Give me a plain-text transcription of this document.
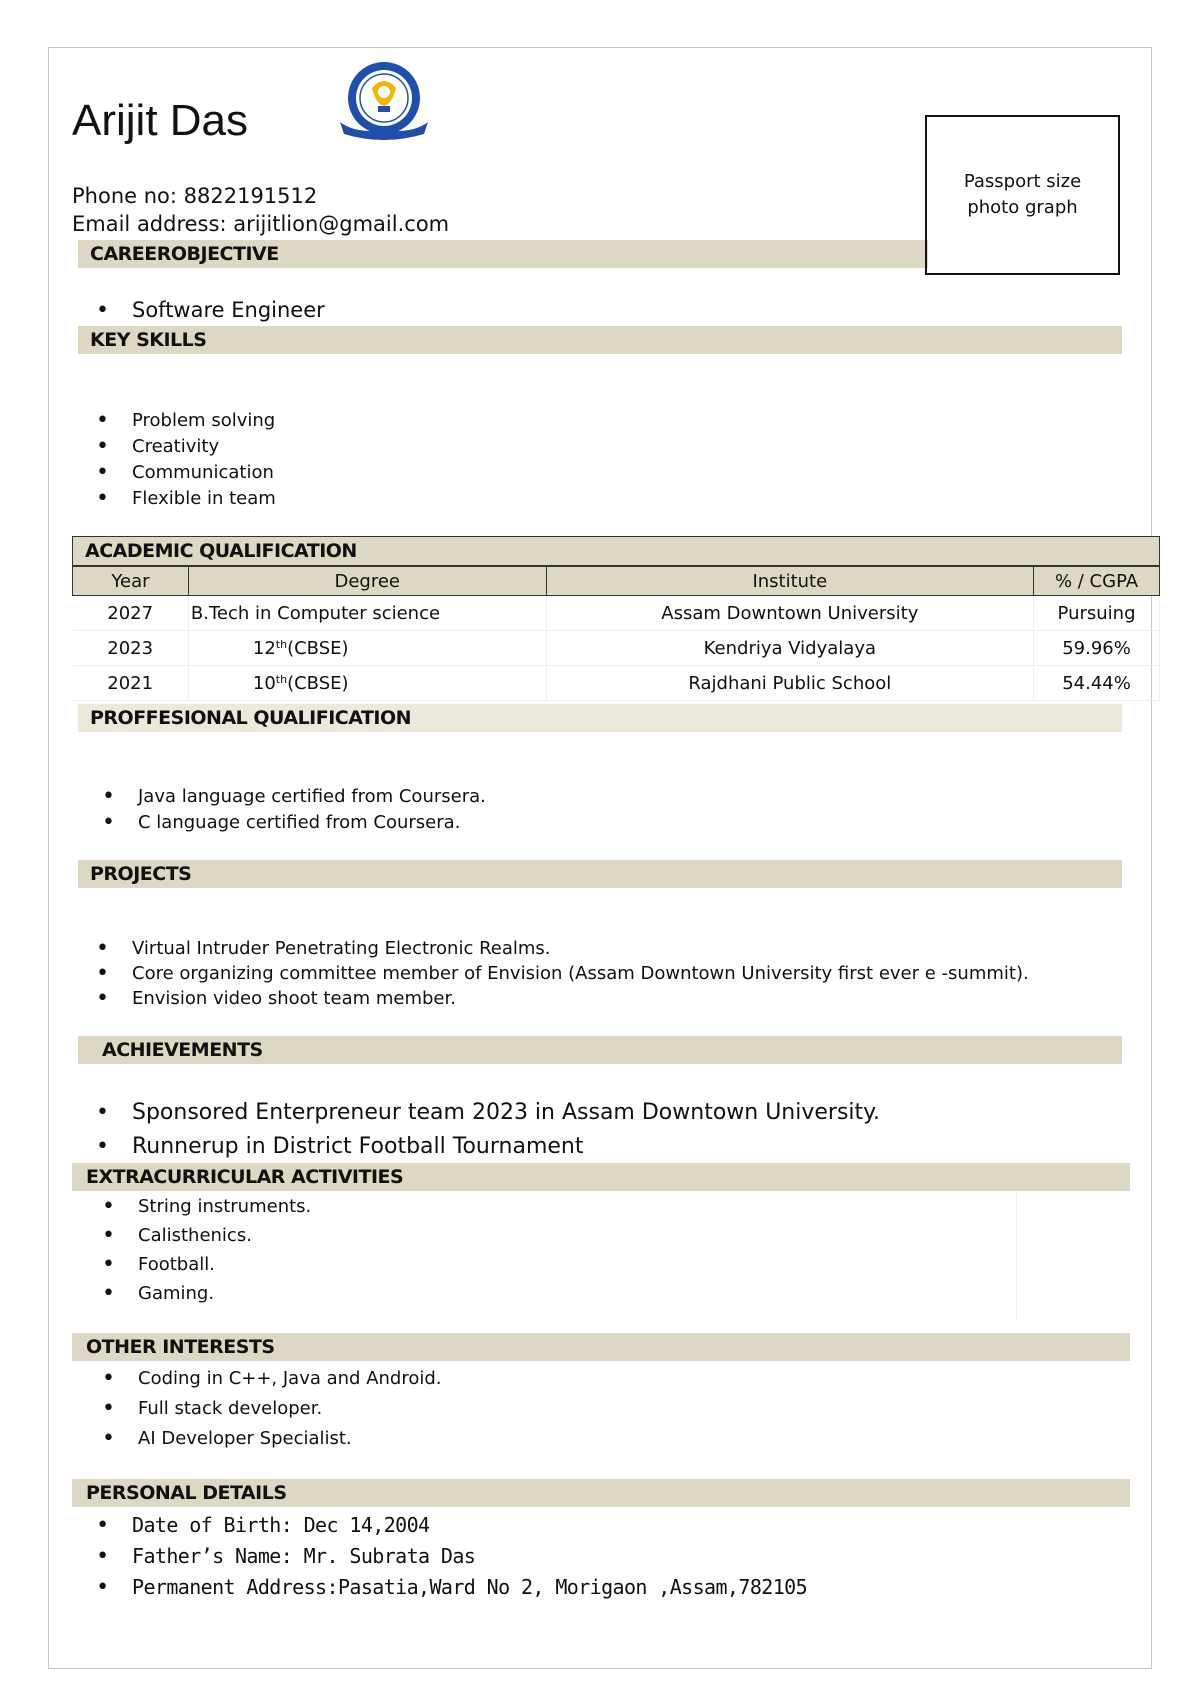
Arijit Das
Phone no: 8822191512
Email address: arijitlion@gmail.com
CAREEROBJECTIVE
Passport size
photo graph
• Software Engineer
KEY SKILLS
• Problem solving
• Creativity
• Communication
• Flexible in team
ACADEMIC QUALIFICATION
Year	Degree	Institute	% / CGPA
2027	B.Tech in Computer science	Assam Downtown University	Pursuing
2023	12th(CBSE)	Kendriya Vidyalaya	59.96%
2021	10th(CBSE)	Rajdhani Public School	54.44%
PROFFESIONAL QUALIFICATION
• Java language certified from Coursera.
• C language certified from Coursera.
PROJECTS
• Virtual Intruder Penetrating Electronic Realms.
• Core organizing committee member of Envision (Assam Downtown University first ever e -summit).
• Envision video shoot team member.
ACHIEVEMENTS
• Sponsored Enterpreneur team 2023 in Assam Downtown University.
• Runnerup in District Football Tournament
EXTRACURRICULAR ACTIVITIES
• String instruments.
• Calisthenics.
• Football.
• Gaming.
OTHER INTERESTS
• Coding in C++, Java and Android.
• Full stack developer.
• AI Developer Specialist.
PERSONAL DETAILS
• Date of Birth: Dec 14,2004
• Father’s Name: Mr. Subrata Das
• Permanent Address:Pasatia,Ward No 2, Morigaon ,Assam,782105
